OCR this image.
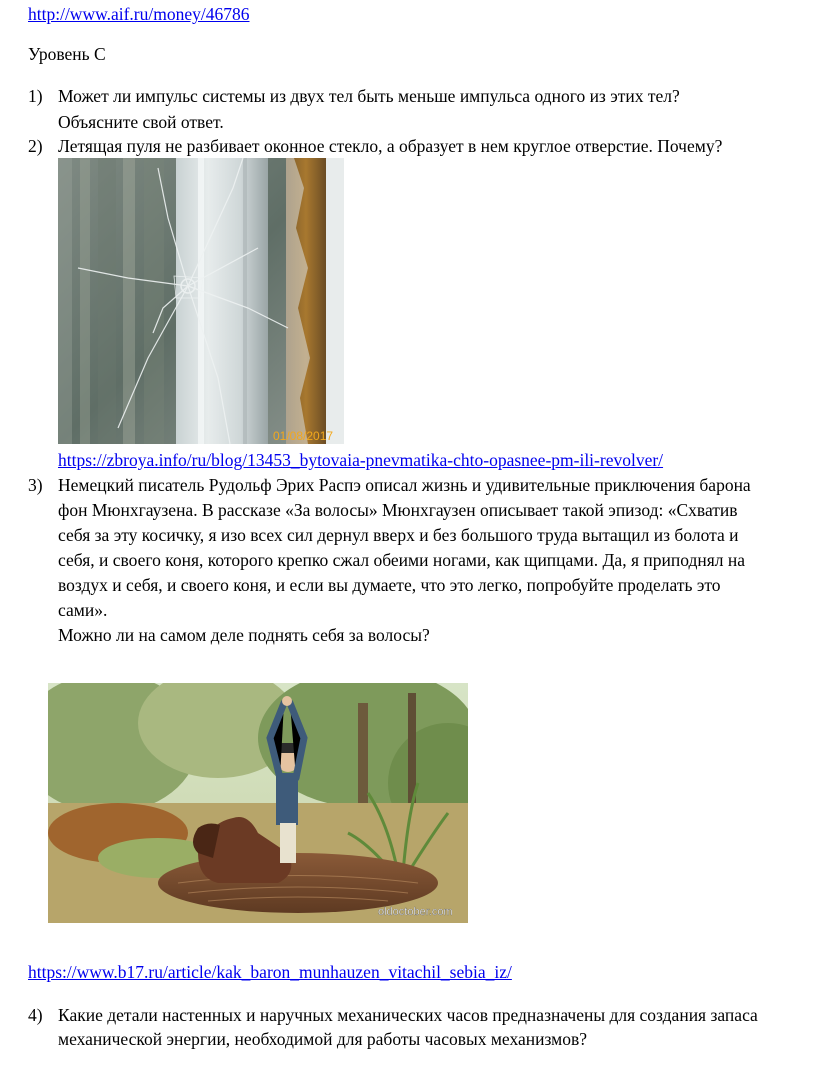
http://www.aif.ru/money/46786
Уровень С
1) Может ли импульс системы из двух тел быть меньше импульса одного из этих тел?
Объясните свой ответ.
2) Летящая пуля не разбивает оконное стекло, а образует в нем круглое отверстие. Почему?
01/08/2017
https://zbroya.info/ru/blog/13453_bytovaia-pnevmatika-chto-opasnee-pm-ili-revolver/
3) Немецкий писатель Рудольф Эрих Распэ описал жизнь и удивительные приключения барона
фон Мюнхгаузена. В рассказе «За волосы» Мюнхгаузен описывает такой эпизод: «Схватив
себя за эту косичку, я изо всех сил дернул вверх и без большого труда вытащил из болота и
себя, и своего коня, которого крепко сжал обеими ногами, как щипцами. Да, я приподнял на
воздух и себя, и своего коня, и если вы думаете, что это легко, попробуйте проделать это
сами».
Можно ли на самом деле поднять себя за волосы?
oldoctober.com
https://www.b17.ru/article/kak_baron_munhauzen_vitachil_sebia_iz/
4) Какие детали настенных и наручных механических часов предназначены для создания запаса
механической энергии, необходимой для работы часовых механизмов?
